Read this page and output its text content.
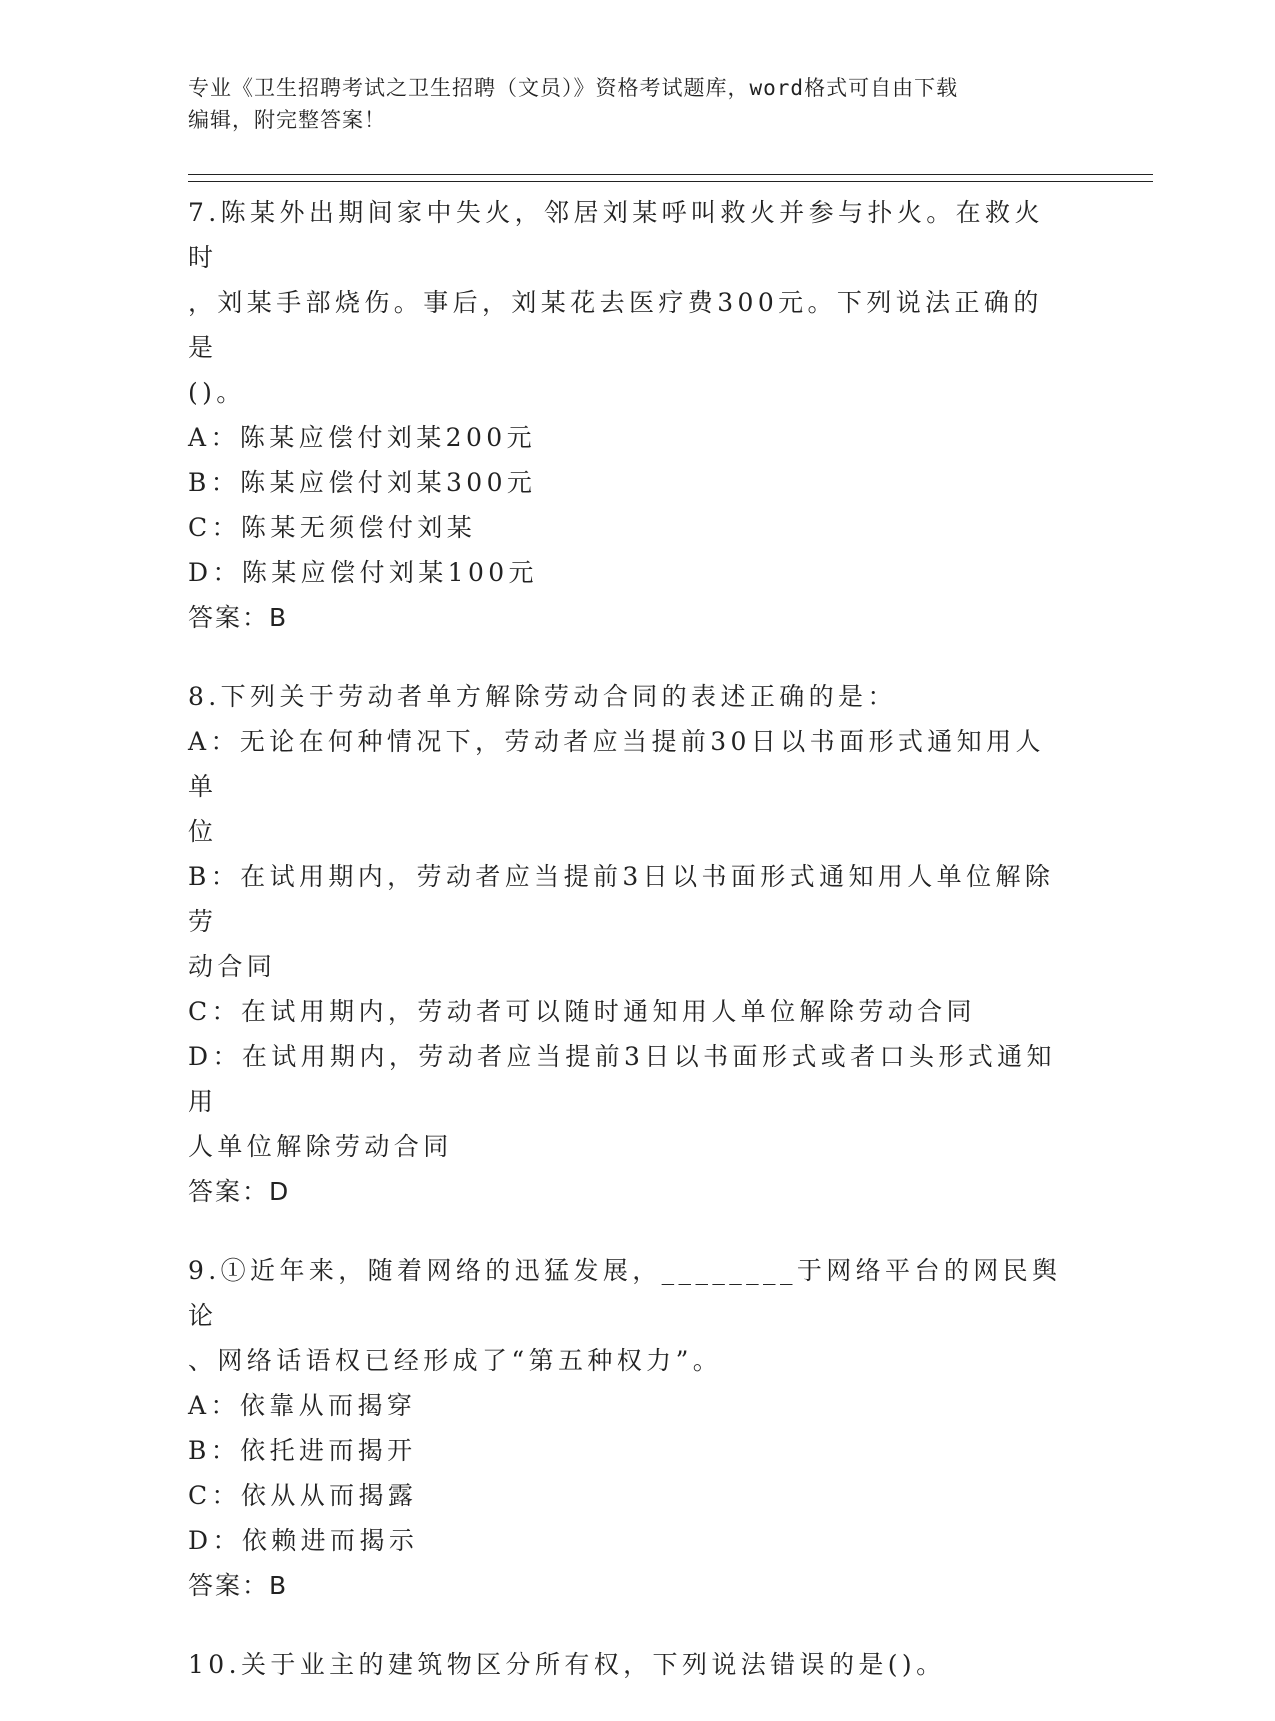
专业《卫生招聘考试之卫生招聘（文员）》资格考试题库，word格式可自由下载
编辑，附完整答案！
7.陈某外出期间家中失火，邻居刘某呼叫救火并参与扑火。在救火时
，刘某手部烧伤。事后，刘某花去医疗费300元。下列说法正确的是
()。
A：陈某应偿付刘某200元
B：陈某应偿付刘某300元
C：陈某无须偿付刘某
D：陈某应偿付刘某100元
答案：B
8.下列关于劳动者单方解除劳动合同的表述正确的是：
A：无论在何种情况下，劳动者应当提前30日以书面形式通知用人单
位
B：在试用期内，劳动者应当提前3日以书面形式通知用人单位解除劳
动合同
C：在试用期内，劳动者可以随时通知用人单位解除劳动合同
D：在试用期内，劳动者应当提前3日以书面形式或者口头形式通知用
人单位解除劳动合同
答案：D
9.①近年来，随着网络的迅猛发展，________于网络平台的网民舆论
、网络话语权已经形成了“第五种权力”。
A：依靠从而揭穿
B：依托进而揭开
C：依从从而揭露
D：依赖进而揭示
答案：B
10.关于业主的建筑物区分所有权，下列说法错误的是()。
